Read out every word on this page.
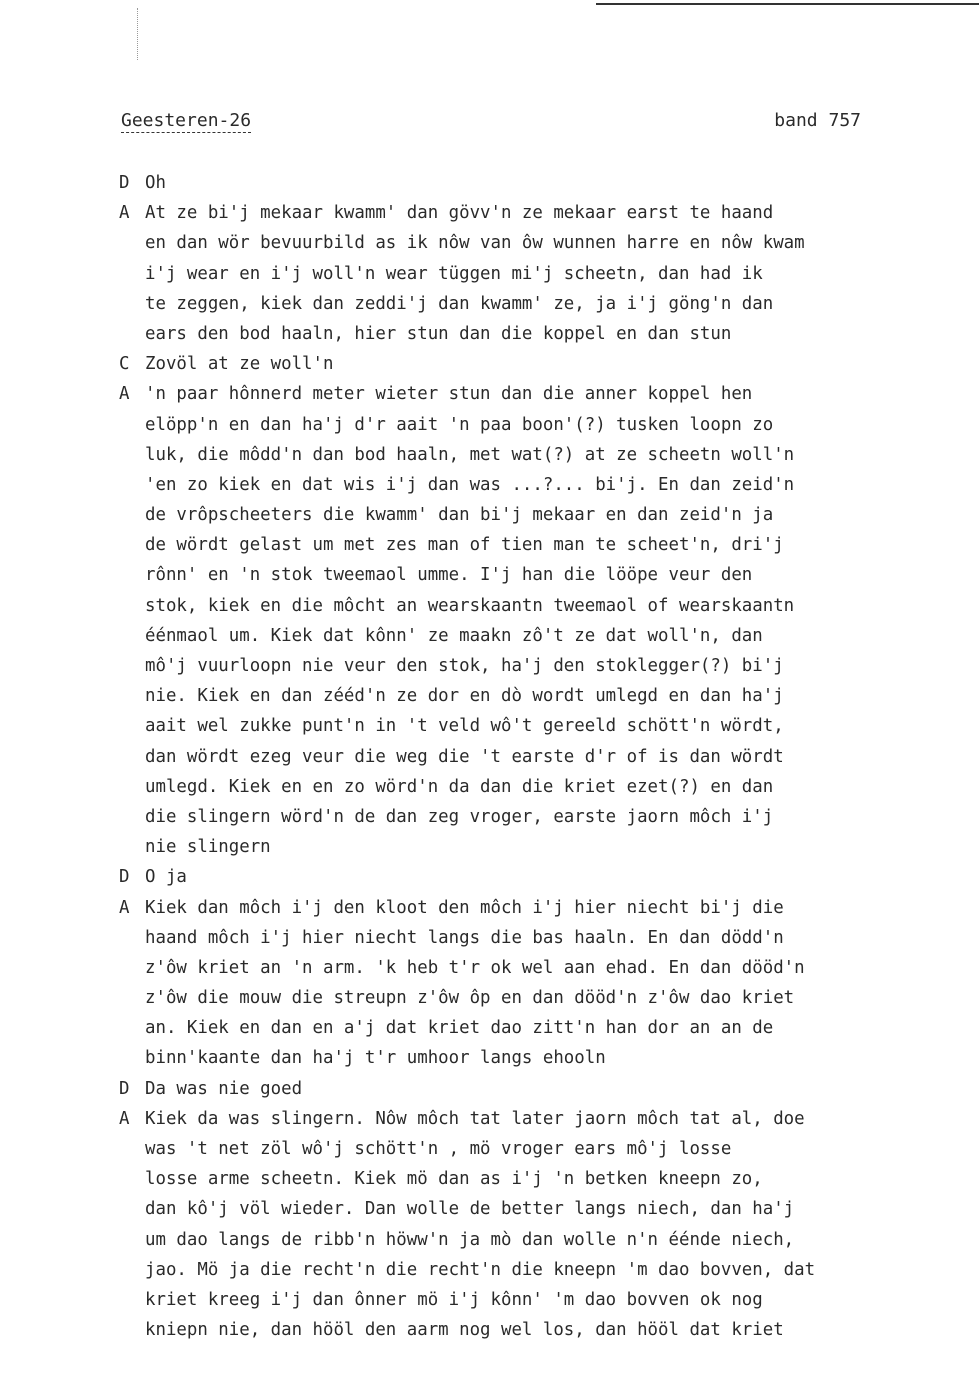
Geesteren-26	band 757
D Oh
A At ze bi'j mekaar kwamm' dan gövv'n ze mekaar earst te haand
en dan wör bevuurbild as ik nôw van ôw wunnen harre en nôw kwam
i'j wear en i'j woll'n wear tüggen mi'j scheetn, dan had ik
te zeggen, kiek dan zeddi'j dan kwamm' ze, ja i'j göng'n dan
ears den bod haaln, hier stun dan die koppel en dan stun
C Zovöl at ze woll'n
A 'n paar hônnerd meter wieter stun dan die anner koppel hen
elöpp'n en dan ha'j d'r aait 'n paa boon'(?) tusken loopn zo
luk, die môdd'n dan bod haaln, met wat(?) at ze scheetn woll'n
'en zo kiek en dat wis i'j dan was ...?... bi'j. En dan zeid'n
de vrôpscheeters die kwamm' dan bi'j mekaar en dan zeid'n ja
de wördt gelast um met zes man of tien man te scheet'n, dri'j
rônn' en 'n stok tweemaol umme. I'j han die lööpe veur den
stok, kiek en die môcht an wearskaantn tweemaol of wearskaantn
éénmaol um. Kiek dat kônn' ze maakn zô't ze dat woll'n, dan
mô'j vuurloopn nie veur den stok, ha'j den stoklegger(?) bi'j
nie. Kiek en dan zééd'n ze dor en dò wordt umlegd en dan ha'j
aait wel zukke punt'n in 't veld wô't gereeld schött'n wördt,
dan wördt ezeg veur die weg die 't earste d'r of is dan wördt
umlegd. Kiek en en zo wörd'n da dan die kriet ezet(?) en dan
die slingern wörd'n de dan zeg vroger, earste jaorn môch i'j
nie slingern
D O ja
A Kiek dan môch i'j den kloot den môch i'j hier niecht bi'j die
haand môch i'j hier niecht langs die bas haaln. En dan dödd'n
z'ôw kriet an 'n arm. 'k heb t'r ok wel aan ehad. En dan dööd'n
z'ôw die mouw die streupn z'ôw ôp en dan dööd'n z'ôw dao kriet
an. Kiek en dan en a'j dat kriet dao zitt'n han dor an an de
binn'kaante dan ha'j t'r umhoor langs ehooln
D Da was nie goed
A Kiek da was slingern. Nôw môch tat later jaorn môch tat al, doe
was 't net zöl wô'j schött'n , mö vroger ears mô'j losse
losse arme scheetn. Kiek mö dan as i'j 'n betken kneepn zo,
dan kô'j völ wieder. Dan wolle de better langs niech, dan ha'j
um dao langs de ribb'n höww'n ja mò dan wolle n'n éénde niech,
jao. Mö ja die recht'n die recht'n die kneepn 'm dao bovven, dat
kriet kreeg i'j dan ônner mö i'j kônn' 'm dao bovven ok nog
kniepn nie, dan hööl den aarm nog wel los, dan hööl dat kriet
